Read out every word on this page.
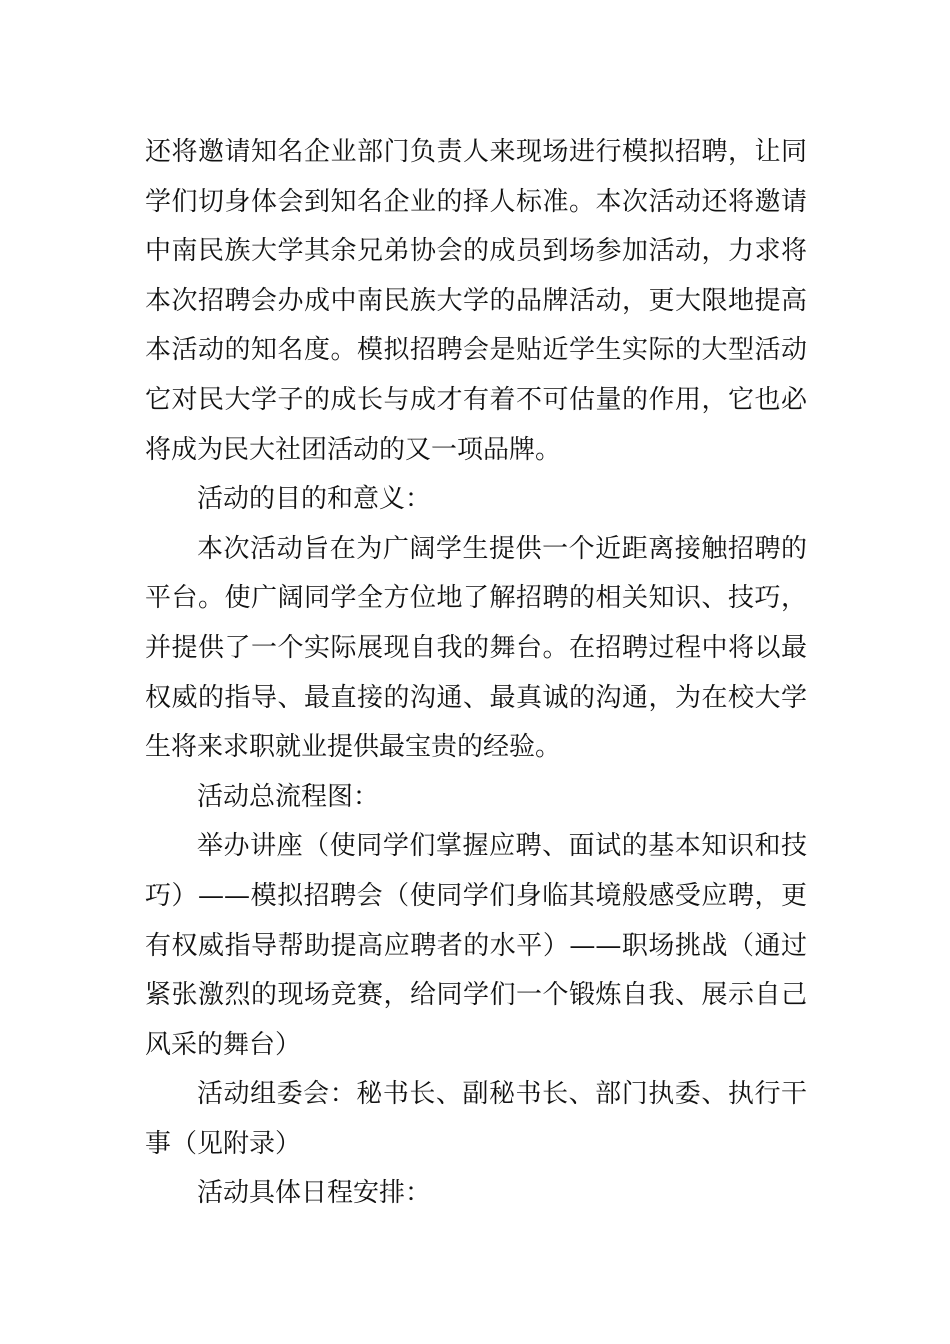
还将邀请知名企业部门负责人来现场进行模拟招聘，让同学们切身体会到知名企业的择人标准。本次活动还将邀请中南民族大学其余兄弟协会的成员到场参加活动，力求将本次招聘会办成中南民族大学的品牌活动，更大限地提高本活动的知名度。模拟招聘会是贴近学生实际的大型活动它对民大学子的成长与成才有着不可估量的作用，它也必将成为民大社团活动的又一项品牌。

活动的目的和意义：

本次活动旨在为广阔学生提供一个近距离接触招聘的平台。使广阔同学全方位地了解招聘的相关知识、技巧，并提供了一个实际展现自我的舞台。在招聘过程中将以最权威的指导、最直接的沟通、最真诚的沟通，为在校大学生将来求职就业提供最宝贵的经验。

活动总流程图：

举办讲座（使同学们掌握应聘、面试的基本知识和技巧）——模拟招聘会（使同学们身临其境般感受应聘，更有权威指导帮助提高应聘者的水平）——职场挑战（通过紧张激烈的现场竞赛，给同学们一个锻炼自我、展示自己风采的舞台）

活动组委会：秘书长、副秘书长、部门执委、执行干事（见附录）

活动具体日程安排：
